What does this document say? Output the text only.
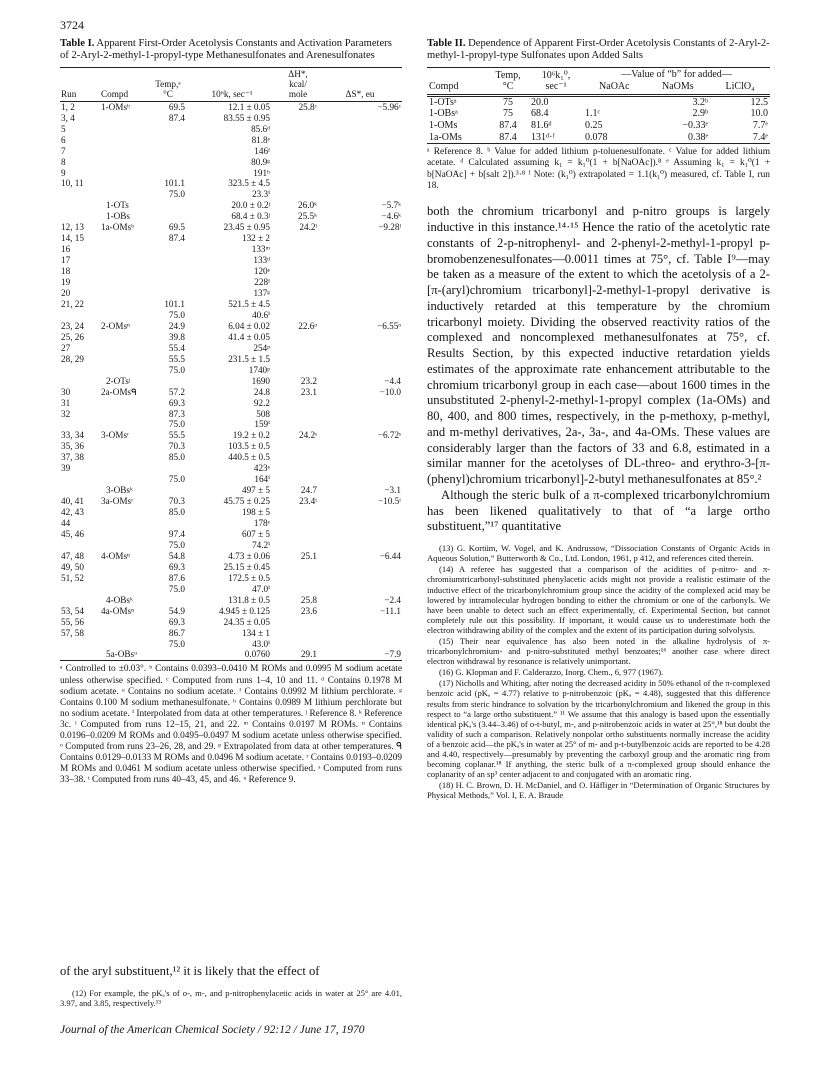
3724

Table I. Apparent First-Order Acetolysis Constants and Activation Parameters of 2-Aryl-2-methyl-1-propyl-type Methanesulfonates and Arenesulfonates

Run	Compd	Temp,ᵃ °C	10⁶k, sec⁻¹	ΔH*, kcal/ mole	ΔS*, eu
1, 2	1-OMsᵇ	69.5	12.1 ± 0.05	25.8ᶜ	−5.96ᶜ
3, 4		87.4	83.55 ± 0.95		
5			85.6ᵈ		
6			81.8ᵉ		
7			146ᶠ		
8			80.9ᵍ		
9			191ʰ		
10, 11		101.1	323.5 ± 4.5		
		75.0	23.3ⁱ		
	1-OTs		20.0 ± 0.2ʲ	26.0ᵏ	−5.7ᵏ
	1-OBs		68.4 ± 0.3ʲ	25.5ᵏ	−4.6ᵏ
12, 13	1a-OMsᵇ	69.5	23.45 ± 0.95	24.2ˡ	−9.28ˡ
14, 15		87.4	132 ± 2		
16			133ᵐ		
17			133ᵈ		
18			120ᵉ		
19			228ᶠ		
20			137ᵍ		
21, 22		101.1	521.5 ± 4.5		
		75.0	40.6ⁱ		
23, 24	2-OMsⁿ	24.9	6.04 ± 0.02	22.6ᵒ	−6.55ᵒ
25, 26		39.8	41.4 ± 0.05		
27		55.4	254ᵖ		
28, 29		55.5	231.5 ± 1.5		
		75.0	1740ᵖ		
	2-OTsʲ		1690	23.2	−4.4
30	2a-OMsᑫ	57.2	24.8	23.1	−10.0
31		69.3	92.2		
32		87.3	508		
		75.0	159ⁱ		
33, 34	3-OMsʳ	55.5	19.2 ± 0.2	24.2ˢ	−6.72ˢ
35, 36		70.3	103.5 ± 0.5		
37, 38		85.0	440.5 ± 0.5		
39			423ᵉ		
		75.0	164ⁱ		
	3-OBsᵏ		497 ± 5	24.7	−3.1
40, 41	3a-OMsʳ	70.3	45.75 ± 0.25	23.4ᵗ	−10.5ᵗ
42, 43		85.0	198 ± 5		
44			178ᵉ		
45, 46		97.4	607 ± 5		
		75.0	74.2ⁱ		
47, 48	4-OMsⁿ	54.8	4.73 ± 0.06	25.1	−6.44
49, 50		69.3	25.15 ± 0.45		
51, 52		87.6	172.5 ± 0.5		
		75.0	47.0ⁱ		
	4-OBsᵏ		131.8 ± 0.5	25.8	−2.4
53, 54	4a-OMsⁿ	54.9	4.945 ± 0.125	23.6	−11.1
55, 56		69.3	24.35 ± 0.05		
57, 58		86.7	134 ± 1		
		75.0	43.0ⁱ		
	5a-OBsᵘ		0.0760	29.1	−7.9
ᵃ Controlled to ±0.03°. ᵇ Contains 0.0393–0.0410 M ROMs and 0.0995 M sodium acetate unless otherwise specified. ᶜ Computed from runs 1–4, 10 and 11. ᵈ Contains 0.1978 M sodium acetate. ᵉ Contains no sodium acetate. ᶠ Contains 0.0992 M lithium perchlorate. ᵍ Contains 0.100 M sodium methanesulfonate. ʰ Contains 0.0989 M lithium perchlorate but no sodium acetate. ⁱ Interpolated from data at other temperatures. ʲ Reference 8. ᵏ Reference 3c. ˡ Computed from runs 12–15, 21, and 22. ᵐ Contains 0.0197 M ROMs. ⁿ Contains 0.0196–0.0209 M ROMs and 0.0495–0.0497 M sodium acetate unless otherwise specified. ᵒ Computed from runs 23–26, 28, and 29. ᵖ Extrapolated from data at other temperatures. ᑫ Contains 0.0129–0.0133 M ROMs and 0.0496 M sodium acetate. ʳ Contains 0.0193–0.0209 M ROMs and 0.0461 M sodium acetate unless otherwise specified. ˢ Computed from runs 33–38. ᵗ Computed from runs 40–43, 45, and 46. ᵘ Reference 9.

of the aryl substituent,¹² it is likely that the effect of

(12) For example, the pKₐ's of o-, m-, and p-nitrophenylacetic acids in water at 25° are 4.01, 3.97, and 3.85, respectively.¹³

Table II. Dependence of Apparent First-Order Acetolysis Constants of 2-Aryl-2-methyl-1-propyl-type Sulfonates upon Added Salts

Compd	Temp, °C	10⁶k₁⁰, sec⁻¹	—Value of “b” for added—		
			NaOAc	NaOMs	LiClO₄
1-OTsᵃ	75	20.0		3.2ᵇ	12.5
1-OBsᵃ	75	68.4	1.1ᶜ	2.9ᵇ	10.0
1-OMs	87.4	81.6ᵈ	0.25	−0.33ᵉ	7.7ᵉ
1a-OMs	87.4	131ᵈ·ᶠ	0.078	0.38ᵉ	7.4ᵉ
ᵃ Reference 8. ᵇ Value for added lithium p-toluenesulfonate. ᶜ Value for added lithium acetate. ᵈ Calculated assuming k₁ = k₁⁰(1 + b[NaOAc]).⁸ ᵉ Assuming k₁ = k₁⁰(1 + b[NaOAc] + b[salt 2]).³·⁸ ᶠ Note: (k₁⁰) extrapolated = 1.1(k₁⁰) measured, cf. Table I, run 18.

both the chromium tricarbonyl and p-nitro groups is largely inductive in this instance.¹⁴·¹⁵ Hence the ratio of the acetolytic rate constants of 2-p-nitrophenyl- and 2-phenyl-2-methyl-1-propyl p-bromobenzenesulfonates—0.0011 times at 75°, cf. Table I⁹—may be taken as a measure of the extent to which the acetolysis of a 2-[π-(aryl)chromium tricarbonyl]-2-methyl-1-propyl derivative is inductively retarded at this temperature by the chromium tricarbonyl moiety. Dividing the observed reactivity ratios of the complexed and noncomplexed methanesulfonates at 75°, cf. Results Section, by this expected inductive retardation yields estimates of the approximate rate enhancement attributable to the chromium tricarbonyl group in each case—about 1600 times in the unsubstituted 2-phenyl-2-methyl-1-propyl complex (1a-OMs) and 80, 400, and 800 times, respectively, in the p-methoxy, p-methyl, and m-methyl derivatives, 2a-, 3a-, and 4a-OMs. These values are considerably larger than the factors of 33 and 6.8, estimated in a similar manner for the acetolyses of DL-threo- and erythro-3-[π-(phenyl)chromium tricarbonyl]-2-butyl methanesulfonates at 85°.²

Although the steric bulk of a π-complexed tricarbonylchromium has been likened qualitatively to that of “a large ortho substituent,”¹⁷ quantitative

(13) G. Kortüm, W. Vogel, and K. Andrussow, “Dissociation Constants of Organic Acids in Aqueous Solution,” Butterworth & Co., Ltd. London, 1961, p 412, and references cited therein.

(14) A referee has suggested that a comparison of the acidities of p-nitro- and π-chromiumtricarbonyl-substituted phenylacetic acids might not provide a realistic estimate of the inductive effect of the tricarbonylchromium group since the acidity of the complexed acid may be lowered by intramolecular hydrogen bonding to either the chromium or one of the carbonyls. We have been unable to detect such an effect experimentally, cf. Experimental Section, but cannot completely rule out this possibility. If important, it would cause us to underestimate both the electron withdrawing ability of the complex and the extent of its participation during solvolysis.

(15) Their near equivalence has also been noted in the alkaline hydrolysis of π-tricarbonylchromium- and p-nitro-substituted methyl benzoates;¹⁶ another case where direct electron withdrawal by resonance is relatively unimportant.

(16) G. Klopman and F. Calderazzo, Inorg. Chem., 6, 977 (1967).

(17) Nicholls and Whiting, after noting the decreased acidity in 50% ethanol of the π-complexed benzoic acid (pKₐ = 4.77) relative to p-nitrobenzoic (pKₐ = 4.48), suggested that this difference results from steric hindrance to solvation by the tricarbonylchromium and likened the group in this respect to “a large ortho substituent.” ¹¹ We assume that this analogy is based upon the essentially identical pKₐ's (3.44–3.46) of o-t-butyl, m-, and p-nitrobenzoic acids in water at 25°,¹⁸ but doubt the validity of such a comparison. Relatively nonpolar ortho substituents normally increase the acidity of a benzoic acid—the pKₐ's in water at 25° of m- and p-t-butylbenzoic acids are reported to be 4.28 and 4.40, respectively—presumably by preventing the carboxyl group and the aromatic ring from becoming coplanar.¹⁸ If anything, the steric bulk of a π-complexed group should enhance the coplanarity of an sp³ center adjacent to and conjugated with an aromatic ring.

(18) H. C. Brown, D. H. McDaniel, and O. Häfliger in “Determination of Organic Structures by Physical Methods,” Vol. I, E. A. Braude

Journal of the American Chemical Society / 92:12 / June 17, 1970
